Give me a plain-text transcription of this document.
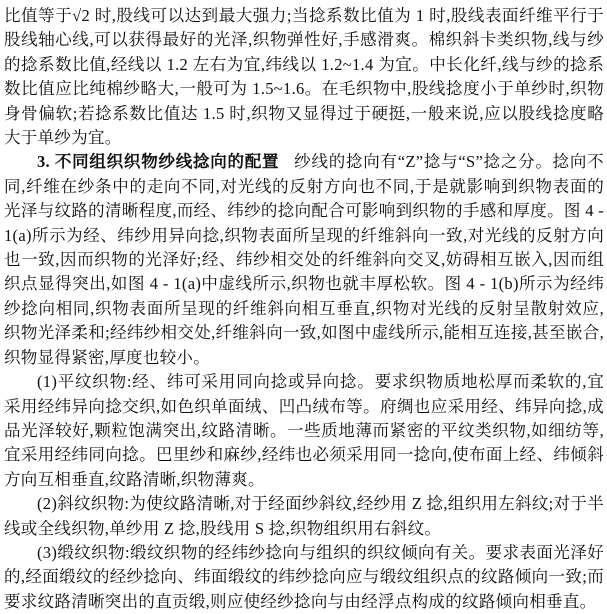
比值等于√2 时,股线可以达到最大强力;当捻系数比值为 1 时,股线表面纤维平行于股线轴心线,可以获得最好的光泽,织物弹性好,手感滑爽。棉织斜卡类织物,线与纱的捻系数比值,经线以 1.2 左右为宜,纬线以 1.2~1.4 为宜。中长化纤,线与纱的捻系数比值应比纯棉纱略大,一般可为 1.5~1.6。在毛织物中,股线捻度小于单纱时,织物身骨偏软;若捻系数比值达 1.5 时,织物又显得过于硬挺,一般来说,应以股线捻度略大于单纱为宜。

3. 不同组织织物纱线捻向的配置 纱线的捻向有“Z”捻与“S”捻之分。捻向不同,纤维在纱条中的走向不同,对光线的反射方向也不同,于是就影响到织物表面的光泽与纹路的清晰程度,而经、纬纱的捻向配合可影响到织物的手感和厚度。图 4 - 1(a)所示为经、纬纱用异向捻,织物表面所呈现的纤维斜向一致,对光线的反射方向也一致,因而织物的光泽好;经、纬纱相交处的纤维斜向交叉,妨碍相互嵌入,因而组织点显得突出,如图 4 - 1(a)中虚线所示,织物也就丰厚松软。图 4 - 1(b)所示为经纬纱捻向相同,织物表面所呈现的纤维斜向相互垂直,织物对光线的反射呈散射效应,织物光泽柔和;经纬纱相交处,纤维斜向一致,如图中虚线所示,能相互连接,甚至嵌合,织物显得紧密,厚度也较小。

(1)平纹织物:经、纬可采用同向捻或异向捻。要求织物质地松厚而柔软的,宜采用经纬异向捻交织,如色织单面绒、凹凸绒布等。府绸也应采用经、纬异向捻,成品光泽较好,颗粒饱满突出,纹路清晰。一些质地薄而紧密的平纹类织物,如细纺等,宜采用经纬同向捻。巴里纱和麻纱,经纬也必须采用同一捻向,使布面上经、纬倾斜方向互相垂直,纹路清晰,织物薄爽。

(2)斜纹织物:为使纹路清晰,对于经面纱斜纹,经纱用 Z 捻,组织用左斜纹;对于半线或全线织物,单纱用 Z 捻,股线用 S 捻,织物组织用右斜纹。

(3)缎纹织物:缎纹织物的经纬纱捻向与组织的织纹倾向有关。要求表面光泽好的,经面缎纹的经纱捻向、纬面缎纹的纬纱捻向应与缎纹组织点的纹路倾向一致;而要求纹路清晰突出的直贡缎,则应使经纱捻向与由经浮点构成的纹路倾向相垂直。
